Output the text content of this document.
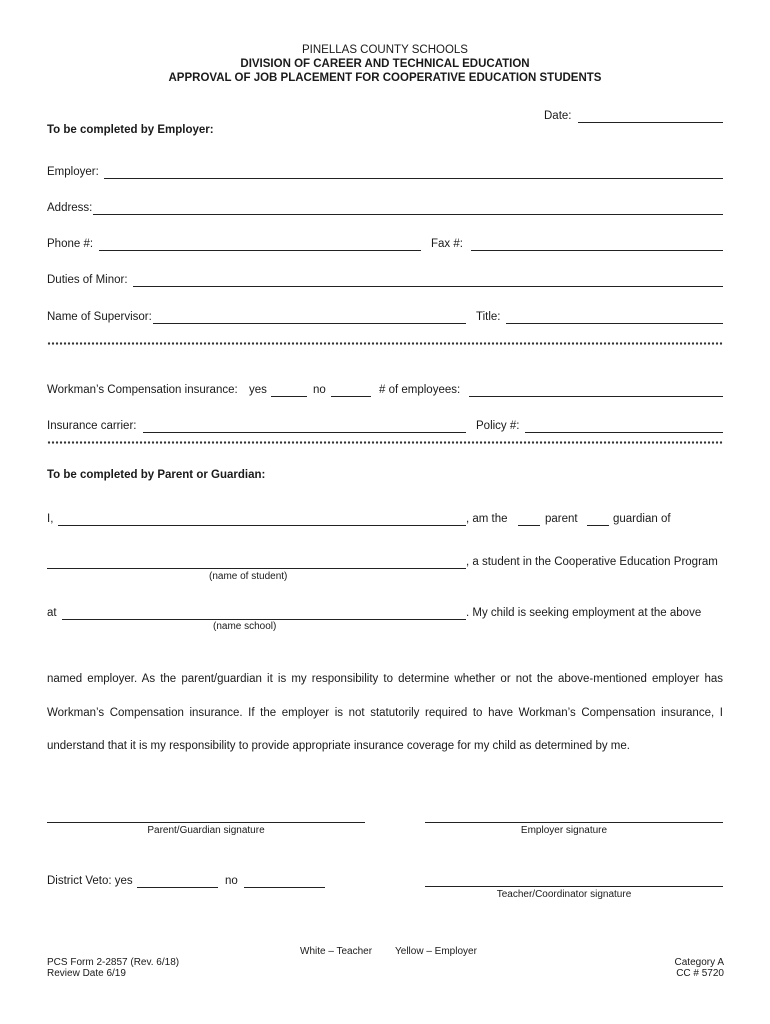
PINELLAS COUNTY SCHOOLS
DIVISION OF CAREER AND TECHNICAL EDUCATION
APPROVAL OF JOB PLACEMENT FOR COOPERATIVE EDUCATION STUDENTS
Date:
To be completed by Employer:
Employer:
Address:
Phone #:	Fax #:
Duties of Minor:
Name of Supervisor:	Title:
Workman’s Compensation insurance: yes	no	# of employees:
Insurance carrier:	Policy #:
To be completed by Parent or Guardian:
I,	, am the	parent	guardian of
, a student in the Cooperative Education Program
(name of student)
at	. My child is seeking employment at the above
(name school)
named employer. As the parent/guardian it is my responsibility to determine whether or not the above-mentioned employer has
Workman’s Compensation insurance. If the employer is not statutorily required to have Workman’s Compensation insurance, I
understand that it is my responsibility to provide appropriate insurance coverage for my child as determined by me.
Parent/Guardian signature	Employer signature
District Veto: yes	no
Teacher/Coordinator signature
White – Teacher Yellow – Employer
PCS Form 2-2857 (Rev. 6/18)
Review Date 6/19
Category A
CC # 5720
